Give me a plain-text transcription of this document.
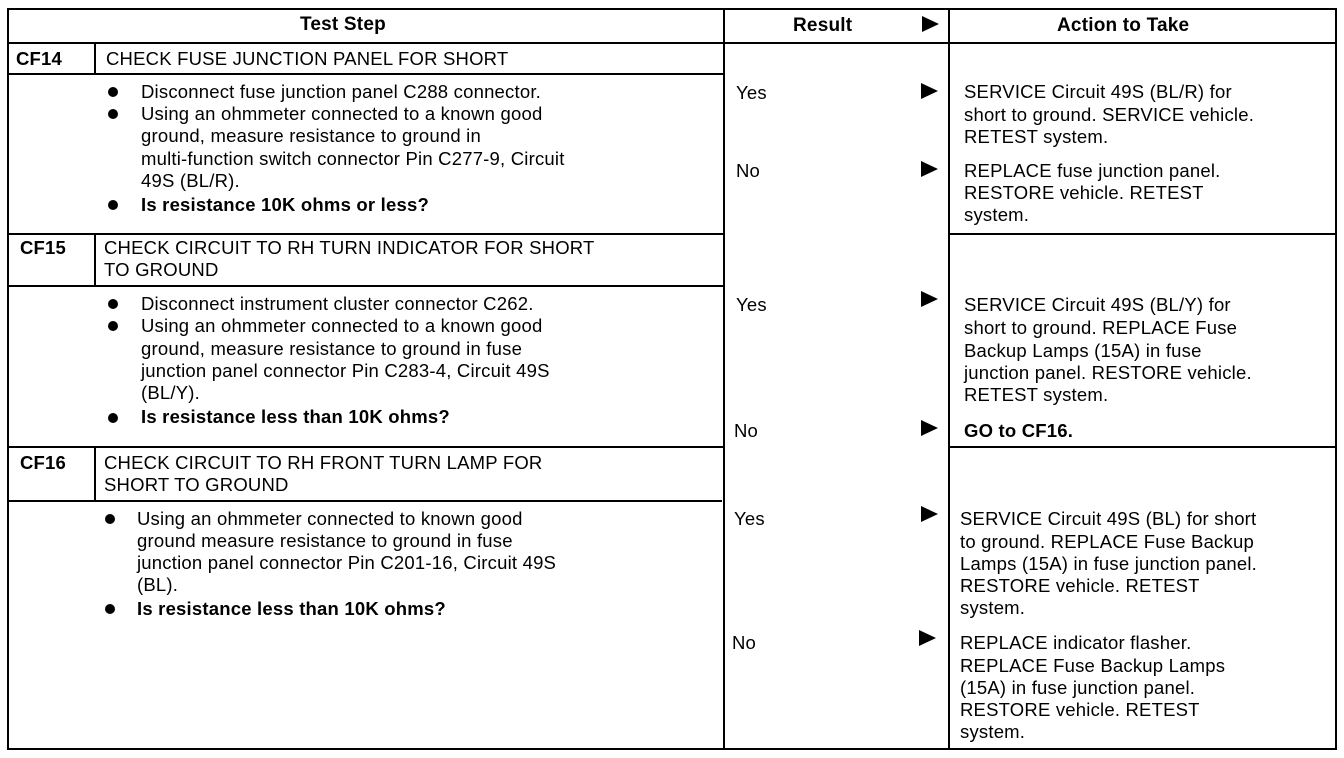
Test Step	Result	Action to Take
CF14 CHECK FUSE JUNCTION PANEL FOR SHORT
Disconnect fuse junction panel C288 connector.
Using an ohmmeter connected to a known good
ground, measure resistance to ground in
multi-function switch connector Pin C277-9, Circuit
49S (BL/R).
Is resistance 10K ohms or less?
Yes	SERVICE Circuit 49S (BL/R) for
short to ground. SERVICE vehicle.
RETEST system.
No	REPLACE fuse junction panel.
RESTORE vehicle. RETEST
system.
CF15 CHECK CIRCUIT TO RH TURN INDICATOR FOR SHORT
TO GROUND
Disconnect instrument cluster connector C262.
Using an ohmmeter connected to a known good
ground, measure resistance to ground in fuse
junction panel connector Pin C283-4, Circuit 49S
(BL/Y).
Is resistance less than 10K ohms?
Yes	SERVICE Circuit 49S (BL/Y) for
short to ground. REPLACE Fuse
Backup Lamps (15A) in fuse
junction panel. RESTORE vehicle.
RETEST system.
No	GO to CF16.
CF16 CHECK CIRCUIT TO RH FRONT TURN LAMP FOR
SHORT TO GROUND
Using an ohmmeter connected to known good
ground measure resistance to ground in fuse
junction panel connector Pin C201-16, Circuit 49S
(BL).
Is resistance less than 10K ohms?
Yes	SERVICE Circuit 49S (BL) for short
to ground. REPLACE Fuse Backup
Lamps (15A) in fuse junction panel.
RESTORE vehicle. RETEST
system.
No	REPLACE indicator flasher.
REPLACE Fuse Backup Lamps
(15A) in fuse junction panel.
RESTORE vehicle. RETEST
system.
